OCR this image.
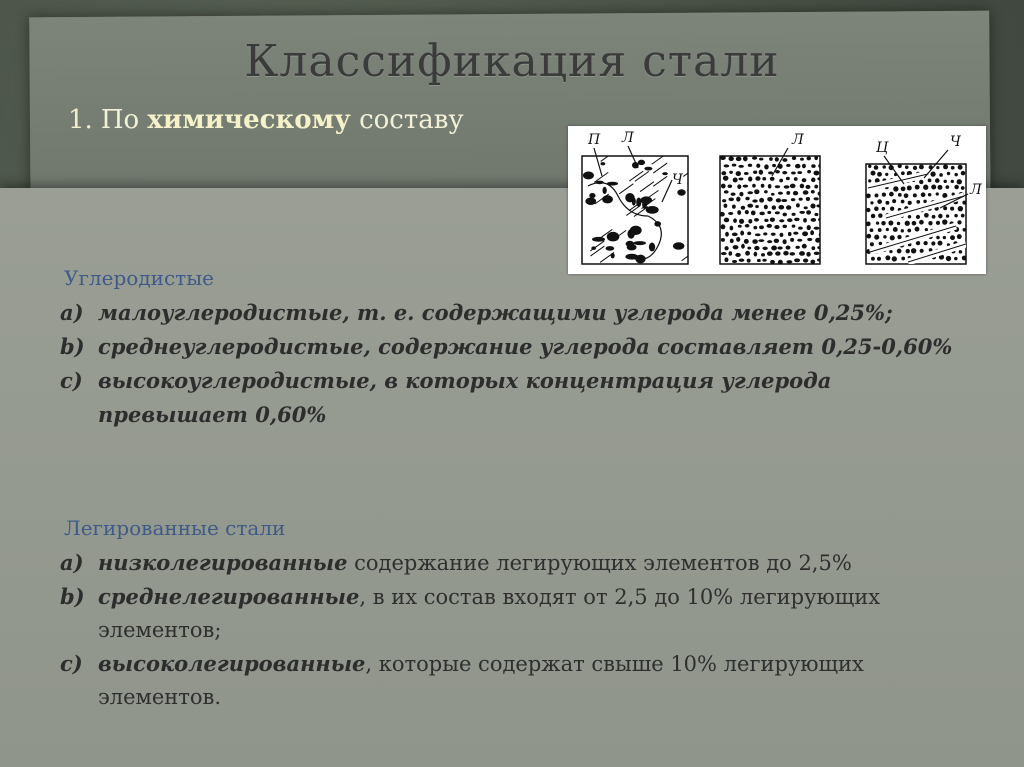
Классификация стали
1. По химическому составу
П Л
Ч
Л	Ц	Ч
Л
Углеродистые
a) малоуглеродистые, т. е. содержащими углерода менее 0,25%;
b) среднеуглеродистые, содержание углерода составляет 0,25-0,60%
c) высокоуглеродистые, в которых концентрация углерода превышает 0,60%
Легированные стали
a) низколегированные содержание легирующих элементов до 2,5%
b) среднелегированные, в их состав входят от 2,5 до 10% легирующих элементов;
c) высоколегированные, которые содержат свыше 10% легирующих элементов.
